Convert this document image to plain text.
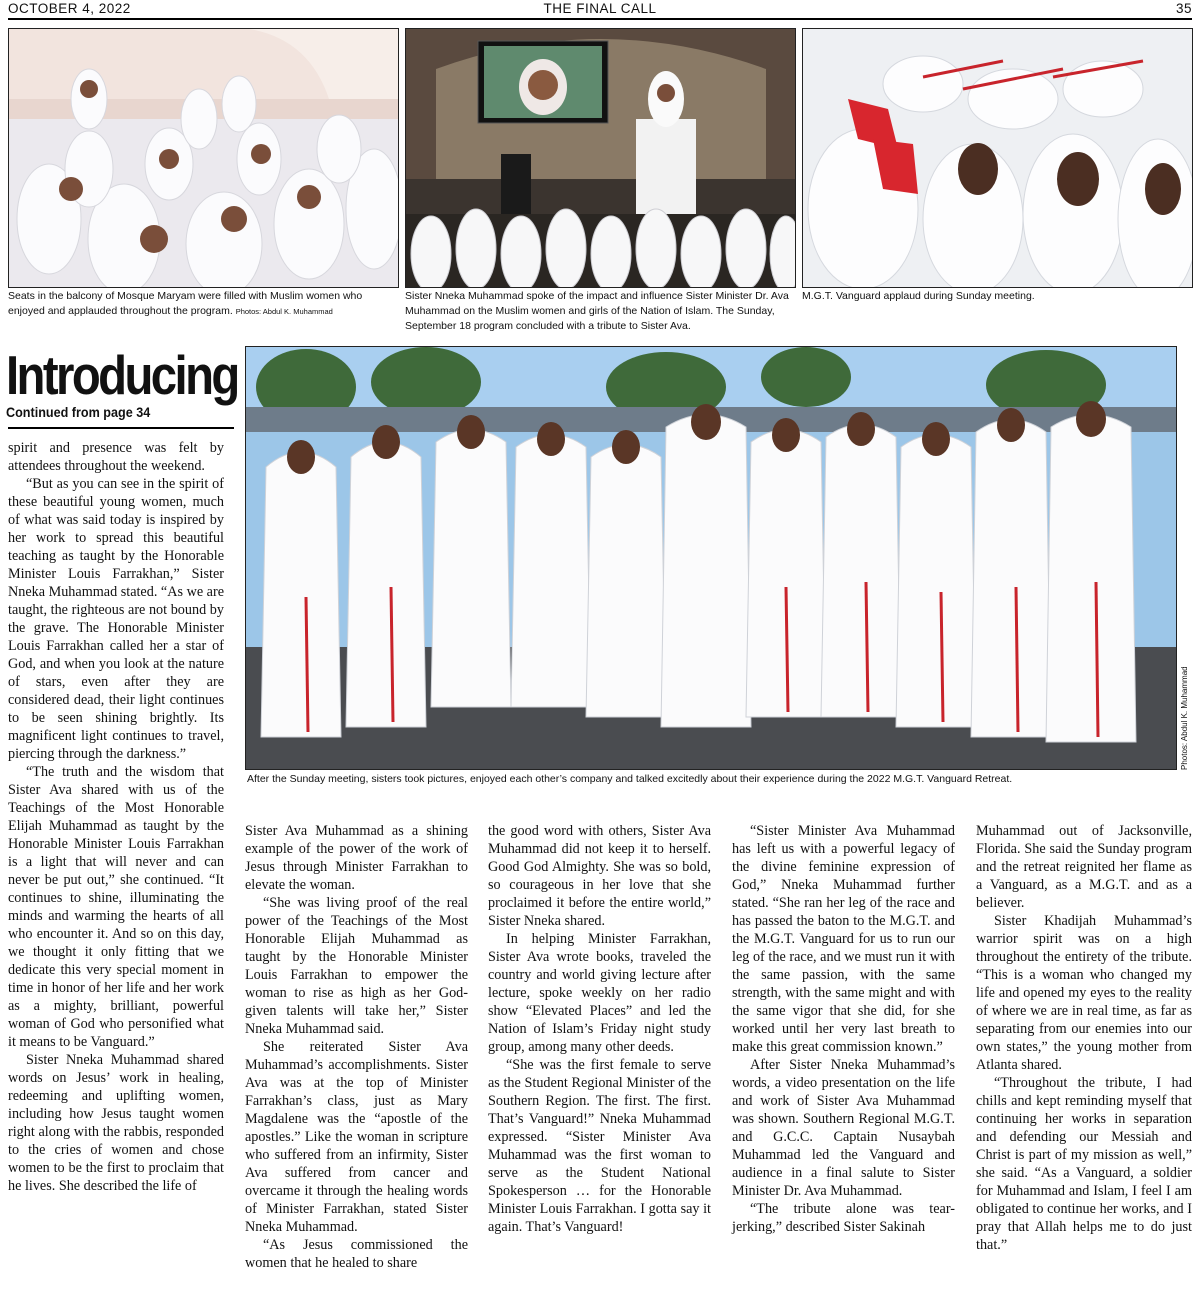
OCTOBER 4, 2022	THE FINAL CALL	35
Seats in the balcony of Mosque Maryam were filled with Muslim women who enjoyed and applauded throughout the program. Photos: Abdul K. Muhammad
Sister Nneka Muhammad spoke of the impact and influence Sister Minister Dr. Ava Muhammad on the Muslim women and girls of the Nation of Islam. The Sunday, September 18 program concluded with a tribute to Sister Ava.
M.G.T. Vanguard applaud during Sunday meeting.
Introducing
Continued from page 34
Photos: Abdul K. Muhammad
After the Sunday meeting, sisters took pictures, enjoyed each other’s company and talked excitedly about their experience during the 2022 M.G.T. Vanguard Retreat.

spirit and presence was felt by attendees throughout the weekend.

“But as you can see in the spirit of these beautiful young women, much of what was said today is inspired by her work to spread this beautiful teaching as taught by the Honorable Minister Louis Farrakhan,” Sister Nneka Muhammad stated. “As we are taught, the righteous are not bound by the grave. The Honorable Minister Louis Farrakhan called her a star of God, and when you look at the nature of stars, even after they are considered dead, their light continues to be seen shining brightly. Its magnificent light continues to travel, piercing through the darkness.”

“The truth and the wisdom that Sister Ava shared with us of the Teachings of the Most Honorable Elijah Muhammad as taught by the Honorable Minister Louis Farrakhan is a light that will never and can never be put out,” she continued. “It continues to shine, illuminating the minds and warming the hearts of all who encounter it. And so on this day, we thought it only fitting that we dedicate this very special moment in time in honor of her life and her work as a mighty, brilliant, powerful woman of God who personified what it means to be Vanguard.”

Sister Nneka Muhammad shared words on Jesus’ work in healing, redeeming and uplifting women, including how Jesus taught women right along with the rabbis, responded to the cries of women and chose women to be the first to proclaim that he lives. She described the life of

Sister Ava Muhammad as a shining example of the power of the work of Jesus through Minister Farrakhan to elevate the woman.

“She was living proof of the real power of the Teachings of the Most Honorable Elijah Muhammad as taught by the Honorable Minister Louis Farrakhan to empower the woman to rise as high as her God-given talents will take her,” Sister Nneka Muhammad said.

She reiterated Sister Ava Muhammad’s accomplishments. Sister Ava was at the top of Minister Farrakhan’s class, just as Mary Magdalene was the “apostle of the apostles.” Like the woman in scripture who suffered from an infirmity, Sister Ava suffered from cancer and overcame it through the healing words of Minister Farrakhan, stated Sister Nneka Muhammad.

“As Jesus commissioned the women that he healed to share

the good word with others, Sister Ava Muhammad did not keep it to herself. Good God Almighty. She was so bold, so courageous in her love that she proclaimed it before the entire world,” Sister Nneka shared.

In helping Minister Farrakhan, Sister Ava wrote books, traveled the country and world giving lecture after lecture, spoke weekly on her radio show “Elevated Places” and led the Nation of Islam’s Friday night study group, among many other deeds.

“She was the first female to serve as the Student Regional Minister of the Southern Region. The first. The first. That’s Vanguard!” Nneka Muhammad expressed. “Sister Minister Ava Muhammad was the first woman to serve as the Student National Spokesperson … for the Honorable Minister Louis Farrakhan. I gotta say it again. That’s Vanguard!

“Sister Minister Ava Muhammad has left us with a powerful legacy of the divine feminine expression of God,” Nneka Muhammad further stated. “She ran her leg of the race and has passed the baton to the M.G.T. and the M.G.T. Vanguard for us to run our leg of the race, and we must run it with the same passion, with the same strength, with the same might and with the same vigor that she did, for she worked until her very last breath to make this great commission known.”

After Sister Nneka Muhammad’s words, a video presentation on the life and work of Sister Ava Muhammad was shown. Southern Regional M.G.T. and G.C.C. Captain Nusaybah Muhammad led the Vanguard and audience in a final salute to Sister Minister Dr. Ava Muhammad.

“The tribute alone was tear-jerking,” described Sister Sakinah

Muhammad out of Jacksonville, Florida. She said the Sunday program and the retreat reignited her flame as a Vanguard, as a M.G.T. and as a believer.

Sister Khadijah Muhammad’s warrior spirit was on a high throughout the entirety of the tribute. “This is a woman who changed my life and opened my eyes to the reality of where we are in real time, as far as separating from our enemies into our own states,” the young mother from Atlanta shared.

“Throughout the tribute, I had chills and kept reminding myself that continuing her works in separation and defending our Messiah and Christ is part of my mission as well,” she said. “As a Vanguard, a soldier for Muhammad and Islam, I feel I am obligated to continue her works, and I pray that Allah helps me to do just that.”
